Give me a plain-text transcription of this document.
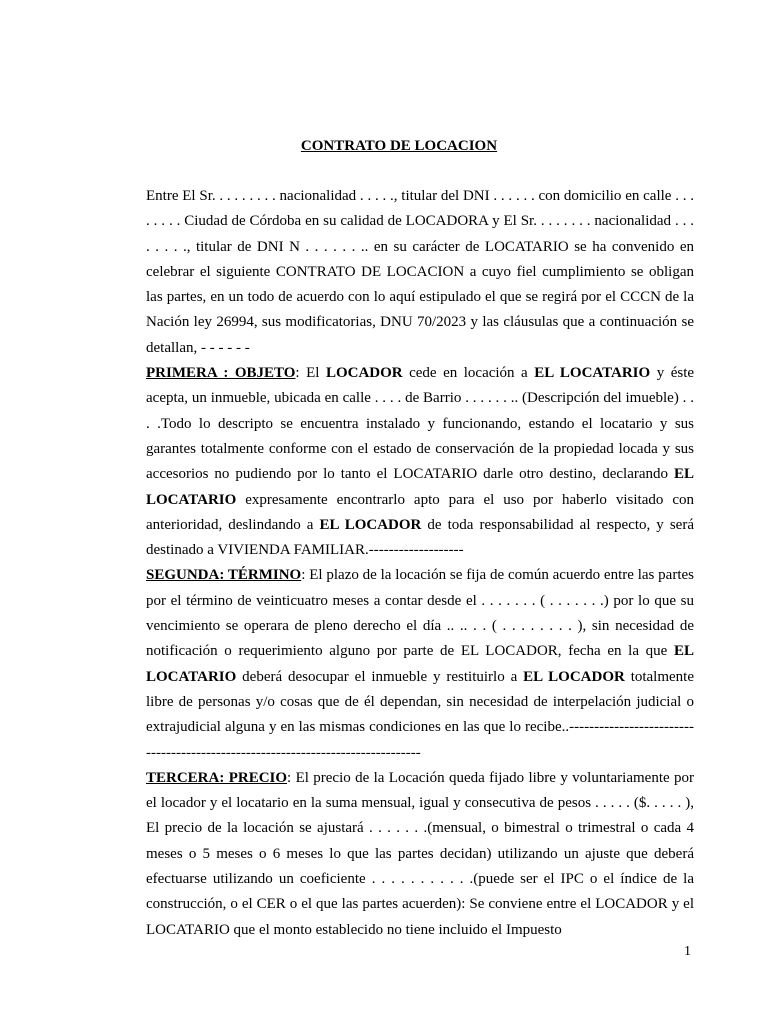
CONTRATO DE LOCACION

Entre El Sr. . . . . . . . . nacionalidad . . . . ., titular del DNI . . . . . . con domicilio en calle . . . . . . . . Ciudad de Córdoba en su calidad de LOCADORA y El Sr. . . . . . . . nacionalidad . . . . . . . ., titular de DNI N . . . . . . .. en su carácter de LOCATARIO se ha convenido en celebrar el siguiente CONTRATO DE LOCACION a cuyo fiel cumplimiento se obligan las partes, en un todo de acuerdo con lo aquí estipulado el que se regirá por el CCCN de la Nación ley 26994, sus modificatorias, DNU 70/2023 y las cláusulas que a continuación se detallan, - - - - - -

PRIMERA : OBJETO: El LOCADOR cede en locación a EL LOCATARIO y éste acepta, un inmueble, ubicada en calle . . . . de Barrio . . . . . . .. (Descripción del imueble) . . . .Todo lo descripto se encuentra instalado y funcionando, estando el locatario y sus garantes totalmente conforme con el estado de conservación de la propiedad locada y sus accesorios no pudiendo por lo tanto el LOCATARIO darle otro destino, declarando EL LOCATARIO expresamente encontrarlo apto para el uso por haberlo visitado con anterioridad, deslindando a EL LOCADOR de toda responsabilidad al respecto, y será destinado a VIVIENDA FAMILIAR.-------------------

SEGUNDA: TÉRMINO: El plazo de la locación se fija de común acuerdo entre las partes por el término de veinticuatro meses a contar desde el . . . . . . . ( . . . . . . .) por lo que su vencimiento se operara de pleno derecho el día .. .. . . ( . . . . . . . . ), sin necesidad de notificación o requerimiento alguno por parte de EL LOCADOR, fecha en la que EL LOCATARIO deberá desocupar el inmueble y restituirlo a EL LOCADOR totalmente libre de personas y/o cosas que de él dependan, sin necesidad de interpelación judicial o extrajudicial alguna y en las mismas condiciones en las que lo recibe..--------------------------------------------------------------------------------

TERCERA: PRECIO: El precio de la Locación queda fijado libre y voluntariamente por el locador y el locatario en la suma mensual, igual y consecutiva de pesos . . . . . ($. . . . . ), El precio de la locación se ajustará . . . . . . .(mensual, o bimestral o trimestral o cada 4 meses o 5 meses o 6 meses lo que las partes decidan) utilizando un ajuste que deberá efectuarse utilizando un coeficiente . . . . . . . . . . .(puede ser el IPC o el índice de la construcción, o el CER o el que las partes acuerden): Se conviene entre el LOCADOR y el LOCATARIO que el monto establecido no tiene incluido el Impuesto

1
